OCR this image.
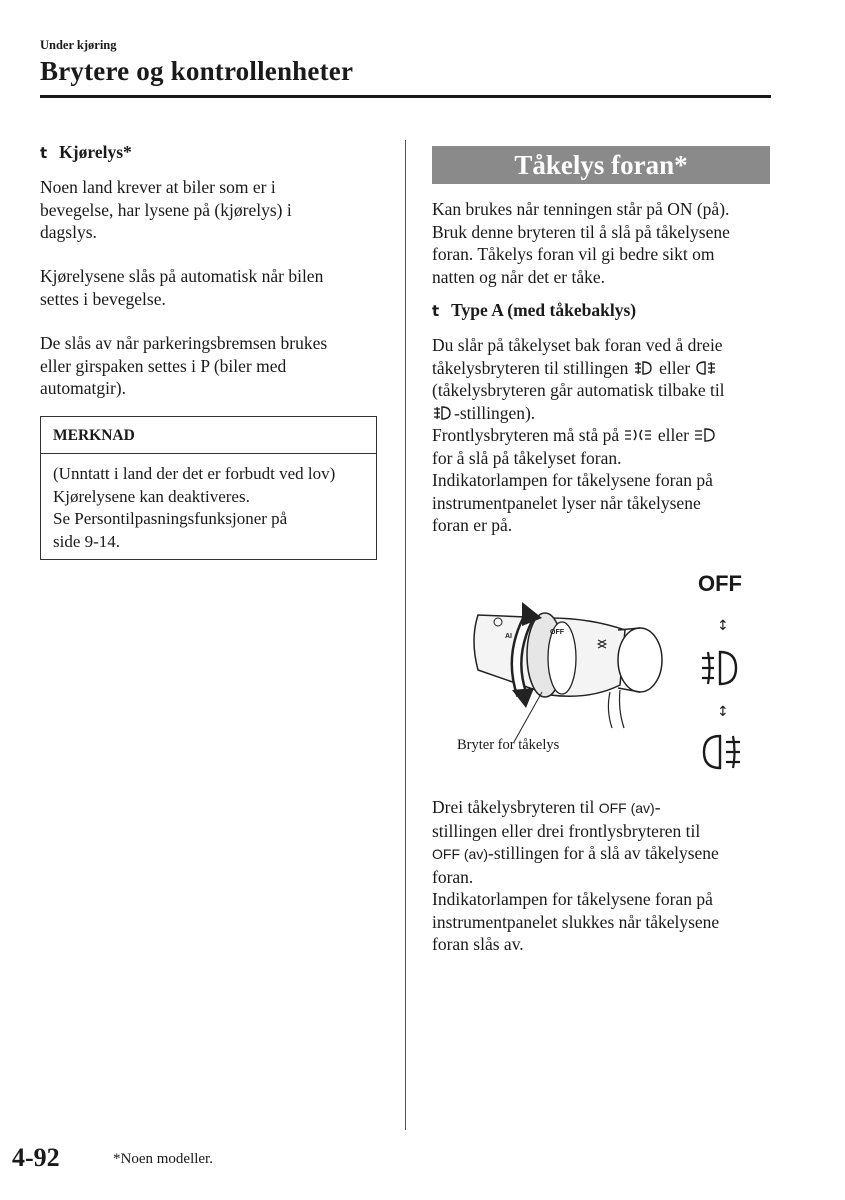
Under kjøring
Brytere og kontrollenheter
t Kjørelys*
Noen land krever at biler som er i
bevegelse, har lysene på (kjørelys) i
dagslys.
Kjørelysene slås på automatisk når bilen
settes i bevegelse.
De slås av når parkeringsbremsen brukes
eller girspaken settes i P (biler med
automatgir).
MERKNAD
(Unntatt i land der det er forbudt ved lov)
Kjørelysene kan deaktiveres.
Se Persontilpasningsfunksjoner på
side 9-14.
Tåkelys foran*
Kan brukes når tenningen står på ON (på).
Bruk denne bryteren til å slå på tåkelysene
foran. Tåkelys foran vil gi bedre sikt om
natten og når det er tåke.
t Type A (med tåkebaklys)
Du slår på tåkelyset bak foran ved å dreie
tåkelysbryteren til stillingen eller
(tåkelysbryteren går automatisk tilbake til
-stillingen).
Frontlysbryteren må stå på eller
for å slå på tåkelyset foran.
Indikatorlampen for tåkelysene foran på
instrumentpanelet lyser når tåkelysene
foran er på.
AI
OFF
OFF
↕
↕
Bryter for tåkelys
Drei tåkelysbryteren til OFF (av)-
stillingen eller drei frontlysbryteren til
OFF (av)-stillingen for å slå av tåkelysene
foran.
Indikatorlampen for tåkelysene foran på
instrumentpanelet slukkes når tåkelysene
foran slås av.
4-92	*Noen modeller.
